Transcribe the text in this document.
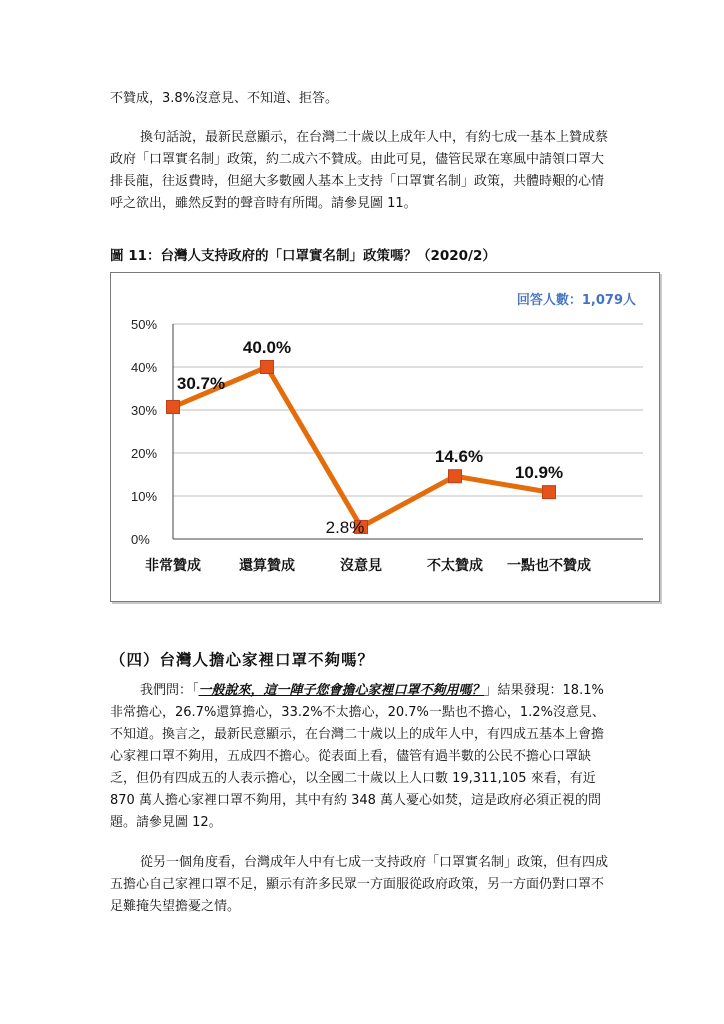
不贊成，3.8%沒意見、不知道、拒答。
換句話說，最新民意顯示，在台灣二十歲以上成年人中，有約七成一基本上贊成蔡政府「口罩實名制」政策，約二成六不贊成。由此可見，儘管民眾在寒風中請領口罩大排長龍，往返費時，但絕大多數國人基本上支持「口罩實名制」政策，共體時艱的心情呼之欲出，雖然反對的聲音時有所聞。請參見圖 11。
圖 11：台灣人支持政府的「口罩實名制」政策嗎？（2020/2）
0%
10%
20%
30%
40%
50%
非常贊成	還算贊成	沒意見	不太贊成 一點也不贊成
30.7%
40.0%
2.8%
14.6%
10.9%
回答人數：1,079人
（四）台灣人擔心家裡口罩不夠嗎？
我們問：「一般說來，這一陣子您會擔心家裡口罩不夠用嗎？」結果發現：18.1%非常擔心，26.7%還算擔心，33.2%不太擔心，20.7%一點也不擔心，1.2%沒意見、不知道。換言之，最新民意顯示，在台灣二十歲以上的成年人中，有四成五基本上會擔心家裡口罩不夠用，五成四不擔心。從表面上看，儘管有過半數的公民不擔心口罩缺乏，但仍有四成五的人表示擔心，以全國二十歲以上人口數 19,311,105 來看，有近 870 萬人擔心家裡口罩不夠用，其中有約 348 萬人憂心如焚，這是政府必須正視的問題。請參見圖 12。
從另一個角度看，台灣成年人中有七成一支持政府「口罩實名制」政策，但有四成五擔心自己家裡口罩不足，顯示有許多民眾一方面服從政府政策，另一方面仍對口罩不足難掩失望擔憂之情。
